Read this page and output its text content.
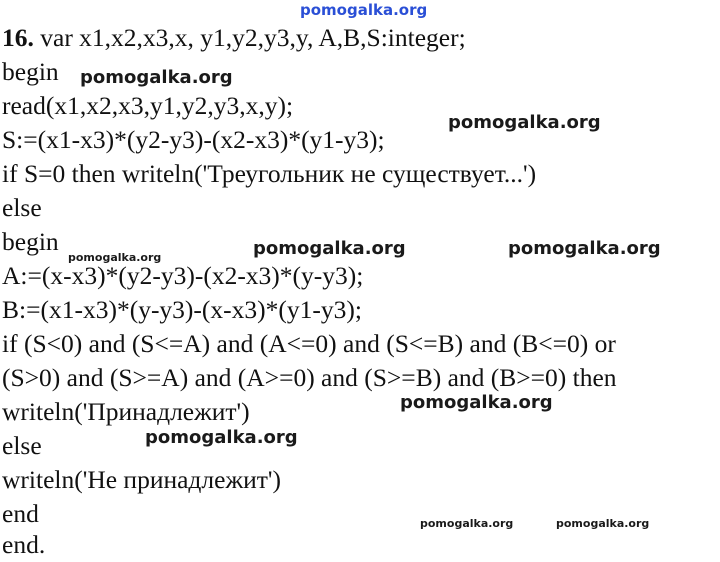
16. var x1,x2,x3,x, y1,y2,y3,y, A,B,S:integer;
begin
read(x1,x2,x3,y1,y2,y3,x,y);
S:=(x1-x3)*(y2-y3)-(x2-x3)*(y1-y3);
if S=0 then writeln('Треугольник не существует...')
else
begin
A:=(x-x3)*(y2-y3)-(x2-x3)*(y-y3);
B:=(x1-x3)*(y-y3)-(x-x3)*(y1-y3);
if (S<0) and (S<=A) and (A<=0) and (S<=B) and (B<=0) or
(S>0) and (S>=A) and (A>=0) and (S>=B) and (B>=0) then
writeln('Принадлежит')
else
writeln('Не принадлежит')
end
end.
pomogalka.org
pomogalka.org
pomogalka.org
pomogalka.org	pomogalka.org	pomogalka.org
pomogalka.org
pomogalka.org
pomogalka.org	pomogalka.org
